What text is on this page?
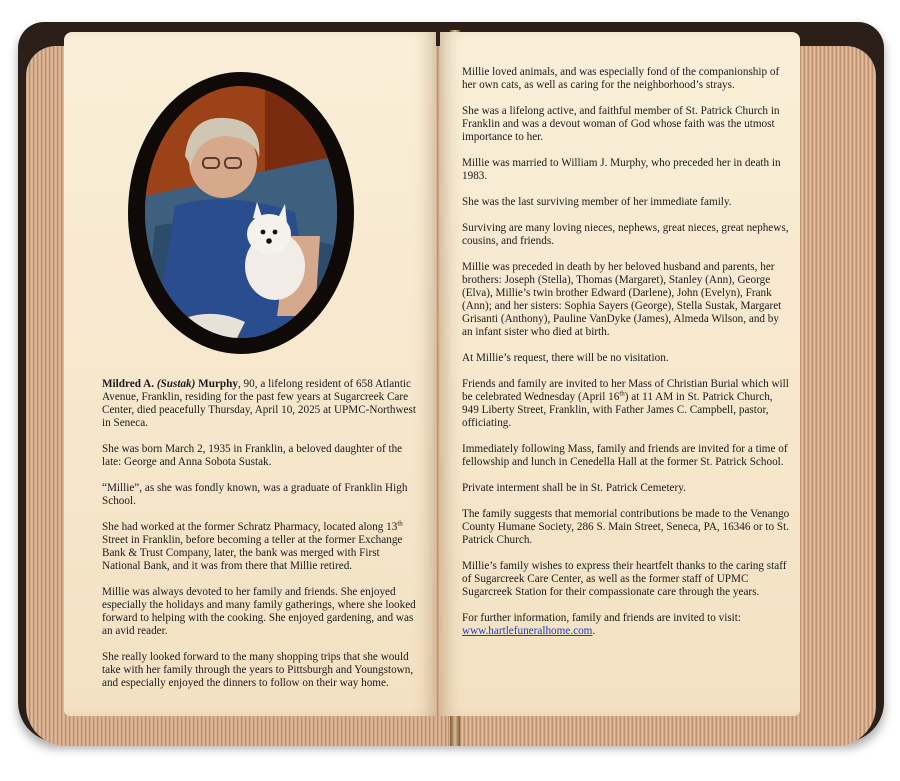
Mildred A. (Sustak) Murphy, 90, a lifelong resident of 658 Atlantic Avenue, Franklin, residing for the past few years at Sugarcreek Care Center, died peacefully Thursday, April 10, 2025 at UPMC-Northwest in Seneca.

She was born March 2, 1935 in Franklin, a beloved daughter of the late: George and Anna Sobota Sustak.

“Millie”, as she was fondly known, was a graduate of Franklin High School.

She had worked at the former Schratz Pharmacy, located along 13th Street in Franklin, before becoming a teller at the former Exchange Bank & Trust Company, later, the bank was merged with First National Bank, and it was from there that Millie retired.

Millie was always devoted to her family and friends. She enjoyed especially the holidays and many family gatherings, where she looked forward to helping with the cooking. She enjoyed gardening, and was an avid reader.

She really looked forward to the many shopping trips that she would take with her family through the years to Pittsburgh and Youngstown, and especially enjoyed the dinners to follow on their way home.

Millie loved animals, and was especially fond of the companionship of her own cats, as well as caring for the neighborhood’s strays.

She was a lifelong active, and faithful member of St. Patrick Church in Franklin and was a devout woman of God whose faith was the utmost importance to her.

Millie was married to William J. Murphy, who preceded her in death in 1983.

She was the last surviving member of her immediate family.

Surviving are many loving nieces, nephews, great nieces, great nephews, cousins, and friends.

Millie was preceded in death by her beloved husband and parents, her brothers: Joseph (Stella), Thomas (Margaret), Stanley (Ann), George (Elva), Millie’s twin brother Edward (Darlene), John (Evelyn), Frank (Ann); and her sisters: Sophia Sayers (George), Stella Sustak, Margaret Grisanti (Anthony), Pauline VanDyke (James), Almeda Wilson, and by an infant sister who died at birth.

At Millie’s request, there will be no visitation.

Friends and family are invited to her Mass of Christian Burial which will be celebrated Wednesday (April 16th) at 11 AM in St. Patrick Church, 949 Liberty Street, Franklin, with Father James C. Campbell, pastor, officiating.

Immediately following Mass, family and friends are invited for a time of fellowship and lunch in Cenedella Hall at the former St. Patrick School.

Private interment shall be in St. Patrick Cemetery.

The family suggests that memorial contributions be made to the Venango County Humane Society, 286 S. Main Street, Seneca, PA, 16346 or to St. Patrick Church.

Millie’s family wishes to express their heartfelt thanks to the caring staff of Sugarcreek Care Center, as well as the former staff of UPMC Sugarcreek Station for their compassionate care through the years.

For further information, family and friends are invited to visit: www.hartlefuneralhome.com.
